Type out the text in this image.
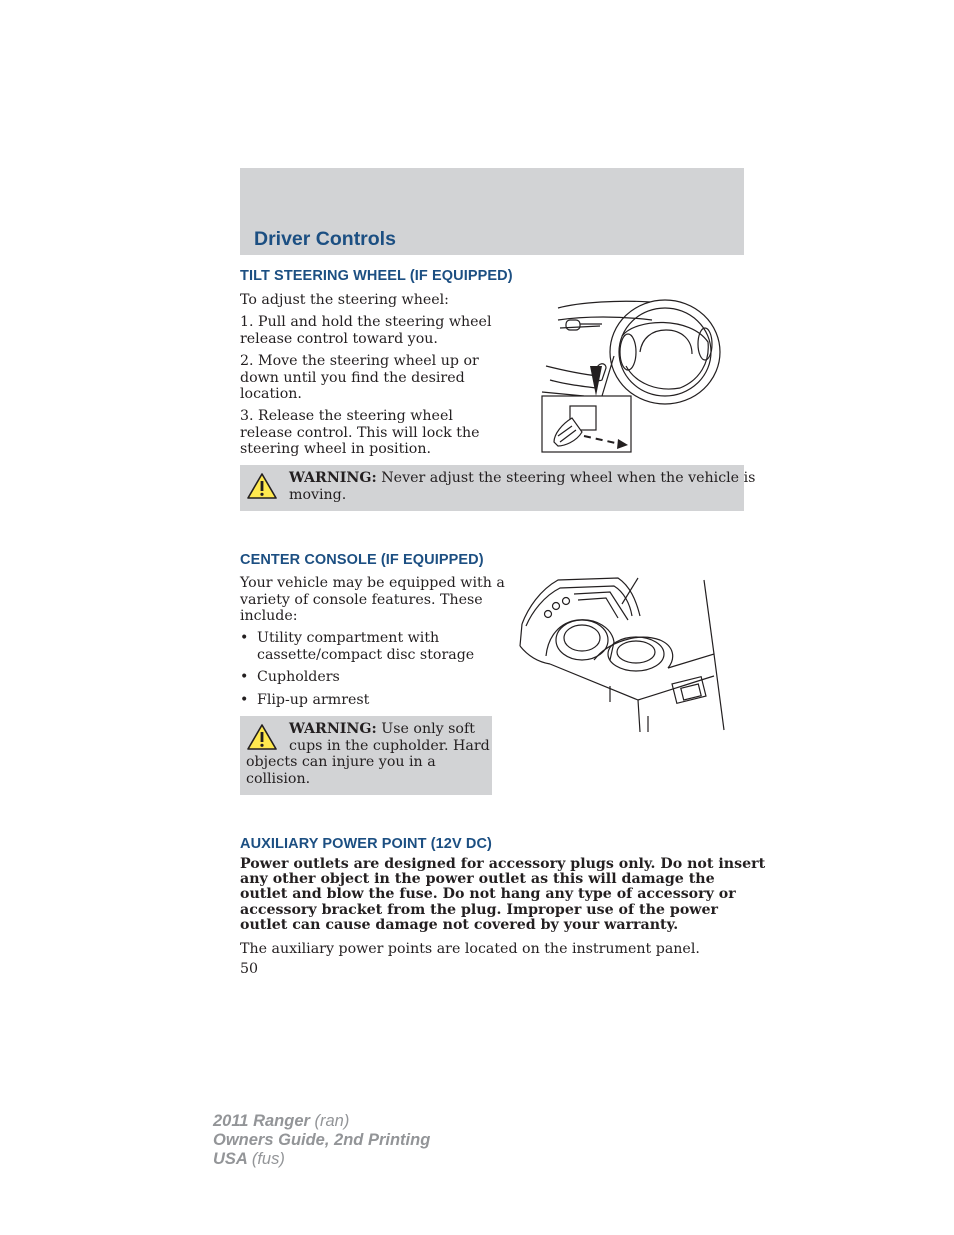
Driver Controls
TILT STEERING WHEEL (IF EQUIPPED)
To adjust the steering wheel:
1. Pull and hold the steering wheel
release control toward you.
2. Move the steering wheel up or
down until you find the desired
location.
3. Release the steering wheel
release control. This will lock the
steering wheel in position.
WARNING: Never adjust the steering wheel when the vehicle is
moving.
CENTER CONSOLE (IF EQUIPPED)
Your vehicle may be equipped with a
variety of console features. These
include:
• Utility compartment with
cassette/compact disc storage
• Cupholders
• Flip-up armrest
WARNING: Use only soft
cups in the cupholder. Hard
objects can injure you in a
collision.
AUXILIARY POWER POINT (12V DC)
Power outlets are designed for accessory plugs only. Do not insert
any other object in the power outlet as this will damage the
outlet and blow the fuse. Do not hang any type of accessory or
accessory bracket from the plug. Improper use of the power
outlet can cause damage not covered by your warranty.
The auxiliary power points are located on the instrument panel.
50
2011 Ranger (ran)
Owners Guide, 2nd Printing
USA (fus)
